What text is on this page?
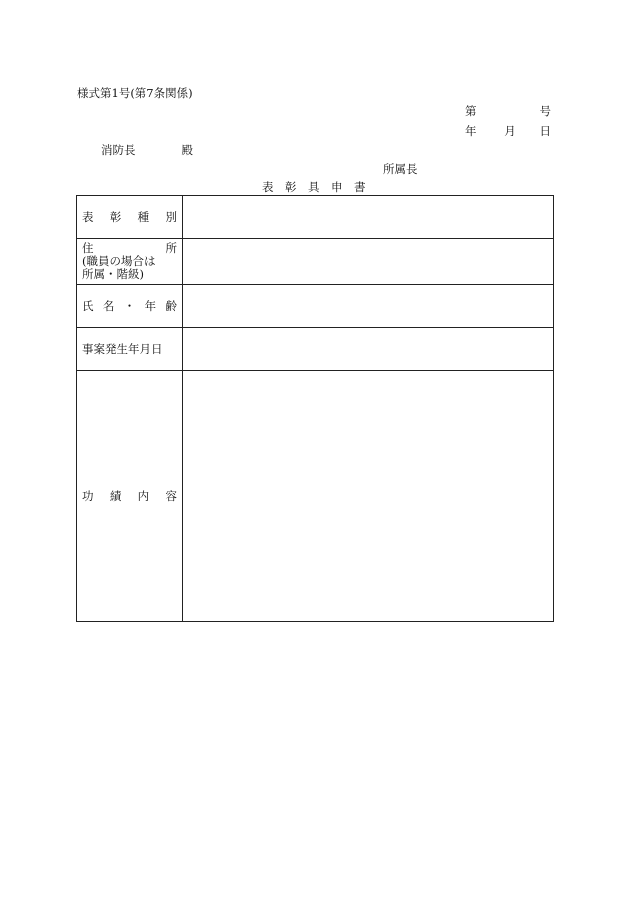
様式第1号(第7条関係)
第	号
年 月 日
消防長	殿
所属長
表	彰	具	申	書
表 彰 種 別	

住 所
(職員の場合は
所属・階級)	

氏 名 ・ 年 齢	

事案発生年月日	

功 績 内 容	
